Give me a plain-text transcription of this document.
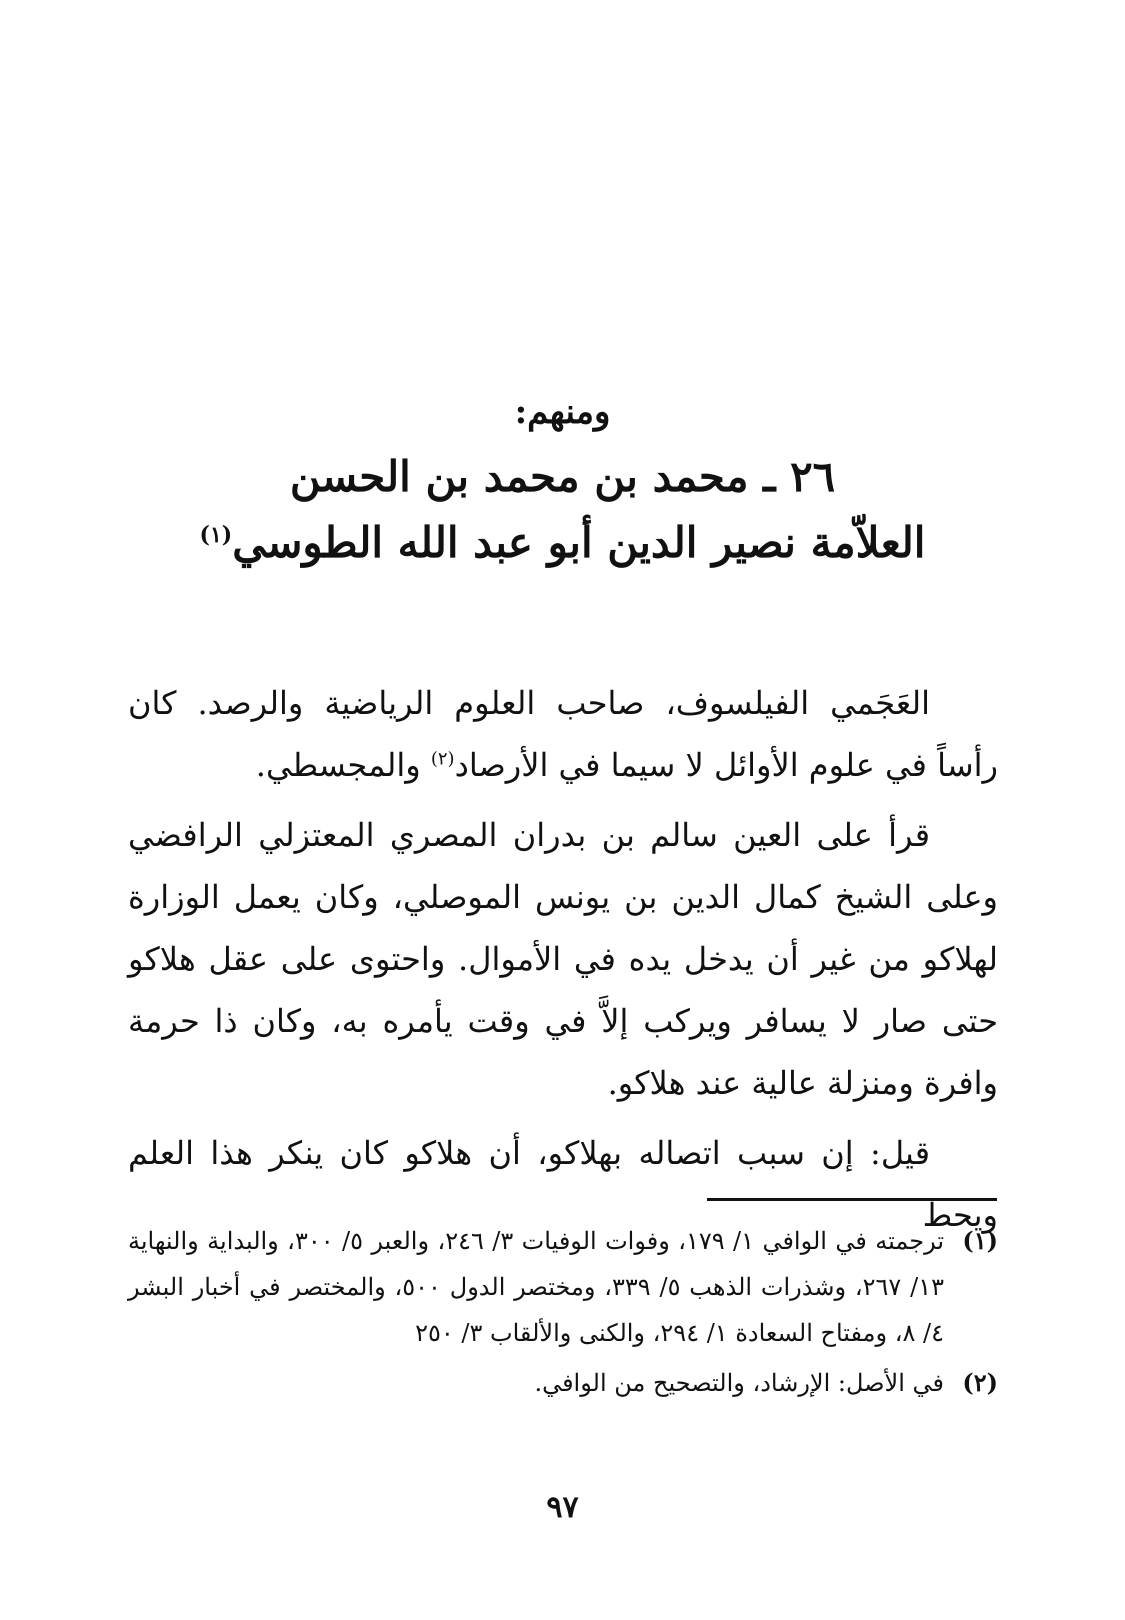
ومنهم:
٢٦ ـ محمد بن محمد بن الحسن
العلاّمة نصير الدين أبو عبد الله الطوسي$^{(١)}$

العَجَمي الفيلسوف، صاحب العلوم الرياضية والرصد. كان رأساً في علوم الأوائل لا سيما في الأرصاد$^{(٢)}$ والمجسطي.

قرأ على العين سالم بن بدران المصري المعتزلي الرافضي وعلى الشيخ كمال الدين بن يونس الموصلي، وكان يعمل الوزارة لهلاكو من غير أن يدخل يده في الأموال. واحتوى على عقل هلاكو حتى صار لا يسافر ويركب إلاَّ في وقت يأمره به، وكان ذا حرمة وافرة ومنزلة عالية عند هلاكو.

قيل: إن سبب اتصاله بهلاكو، أن هلاكو كان ينكر هذا العلم ويحط

(١)
ترجمته في الوافي ١/ ١٧٩، وفوات الوفيات ٣/ ٢٤٦، والعبر ٥/ ٣٠٠، والبداية والنهاية ١٣/ ٢٦٧، وشذرات الذهب ٥/ ٣٣٩، ومختصر الدول ٥٠٠، والمختصر في أخبار البشر ٤/ ٨، ومفتاح السعادة ١/ ٢٩٤، والكنى والألقاب ٣/ ٢٥٠
(٢)
في الأصل: الإرشاد، والتصحيح من الوافي.
٩٧
